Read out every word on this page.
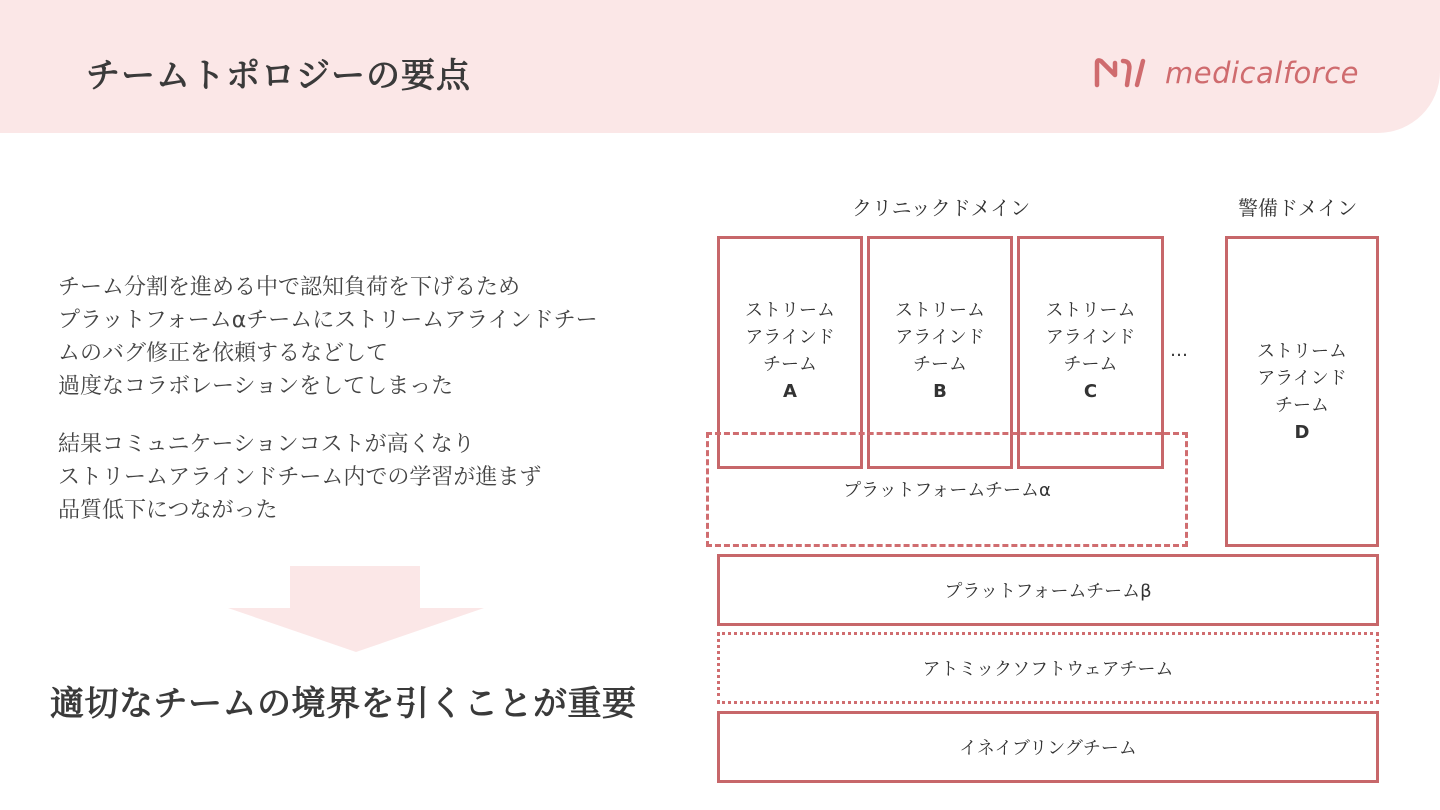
チームトポロジーの要点	medicalforce
チーム分割を進める中で認知負荷を下げるため
プラットフォームαチームにストリームアラインドチー
ムのバグ修正を依頼するなどして
過度なコラボレーションをしてしまった
結果コミュニケーションコストが高くなり
ストリームアラインドチーム内での学習が進まず
品質低下につながった
適切なチームの境界を引くことが重要
クリニックドメイン	警備ドメイン
ストリーム
アラインド
チーム
A
ストリーム
アラインド
チーム
B
ストリーム
アラインド
チーム
C
…	ストリーム
アラインド
チーム
D
プラットフォームチームα
プラットフォームチームβ
アトミックソフトウェアチーム
イネイブリングチーム
